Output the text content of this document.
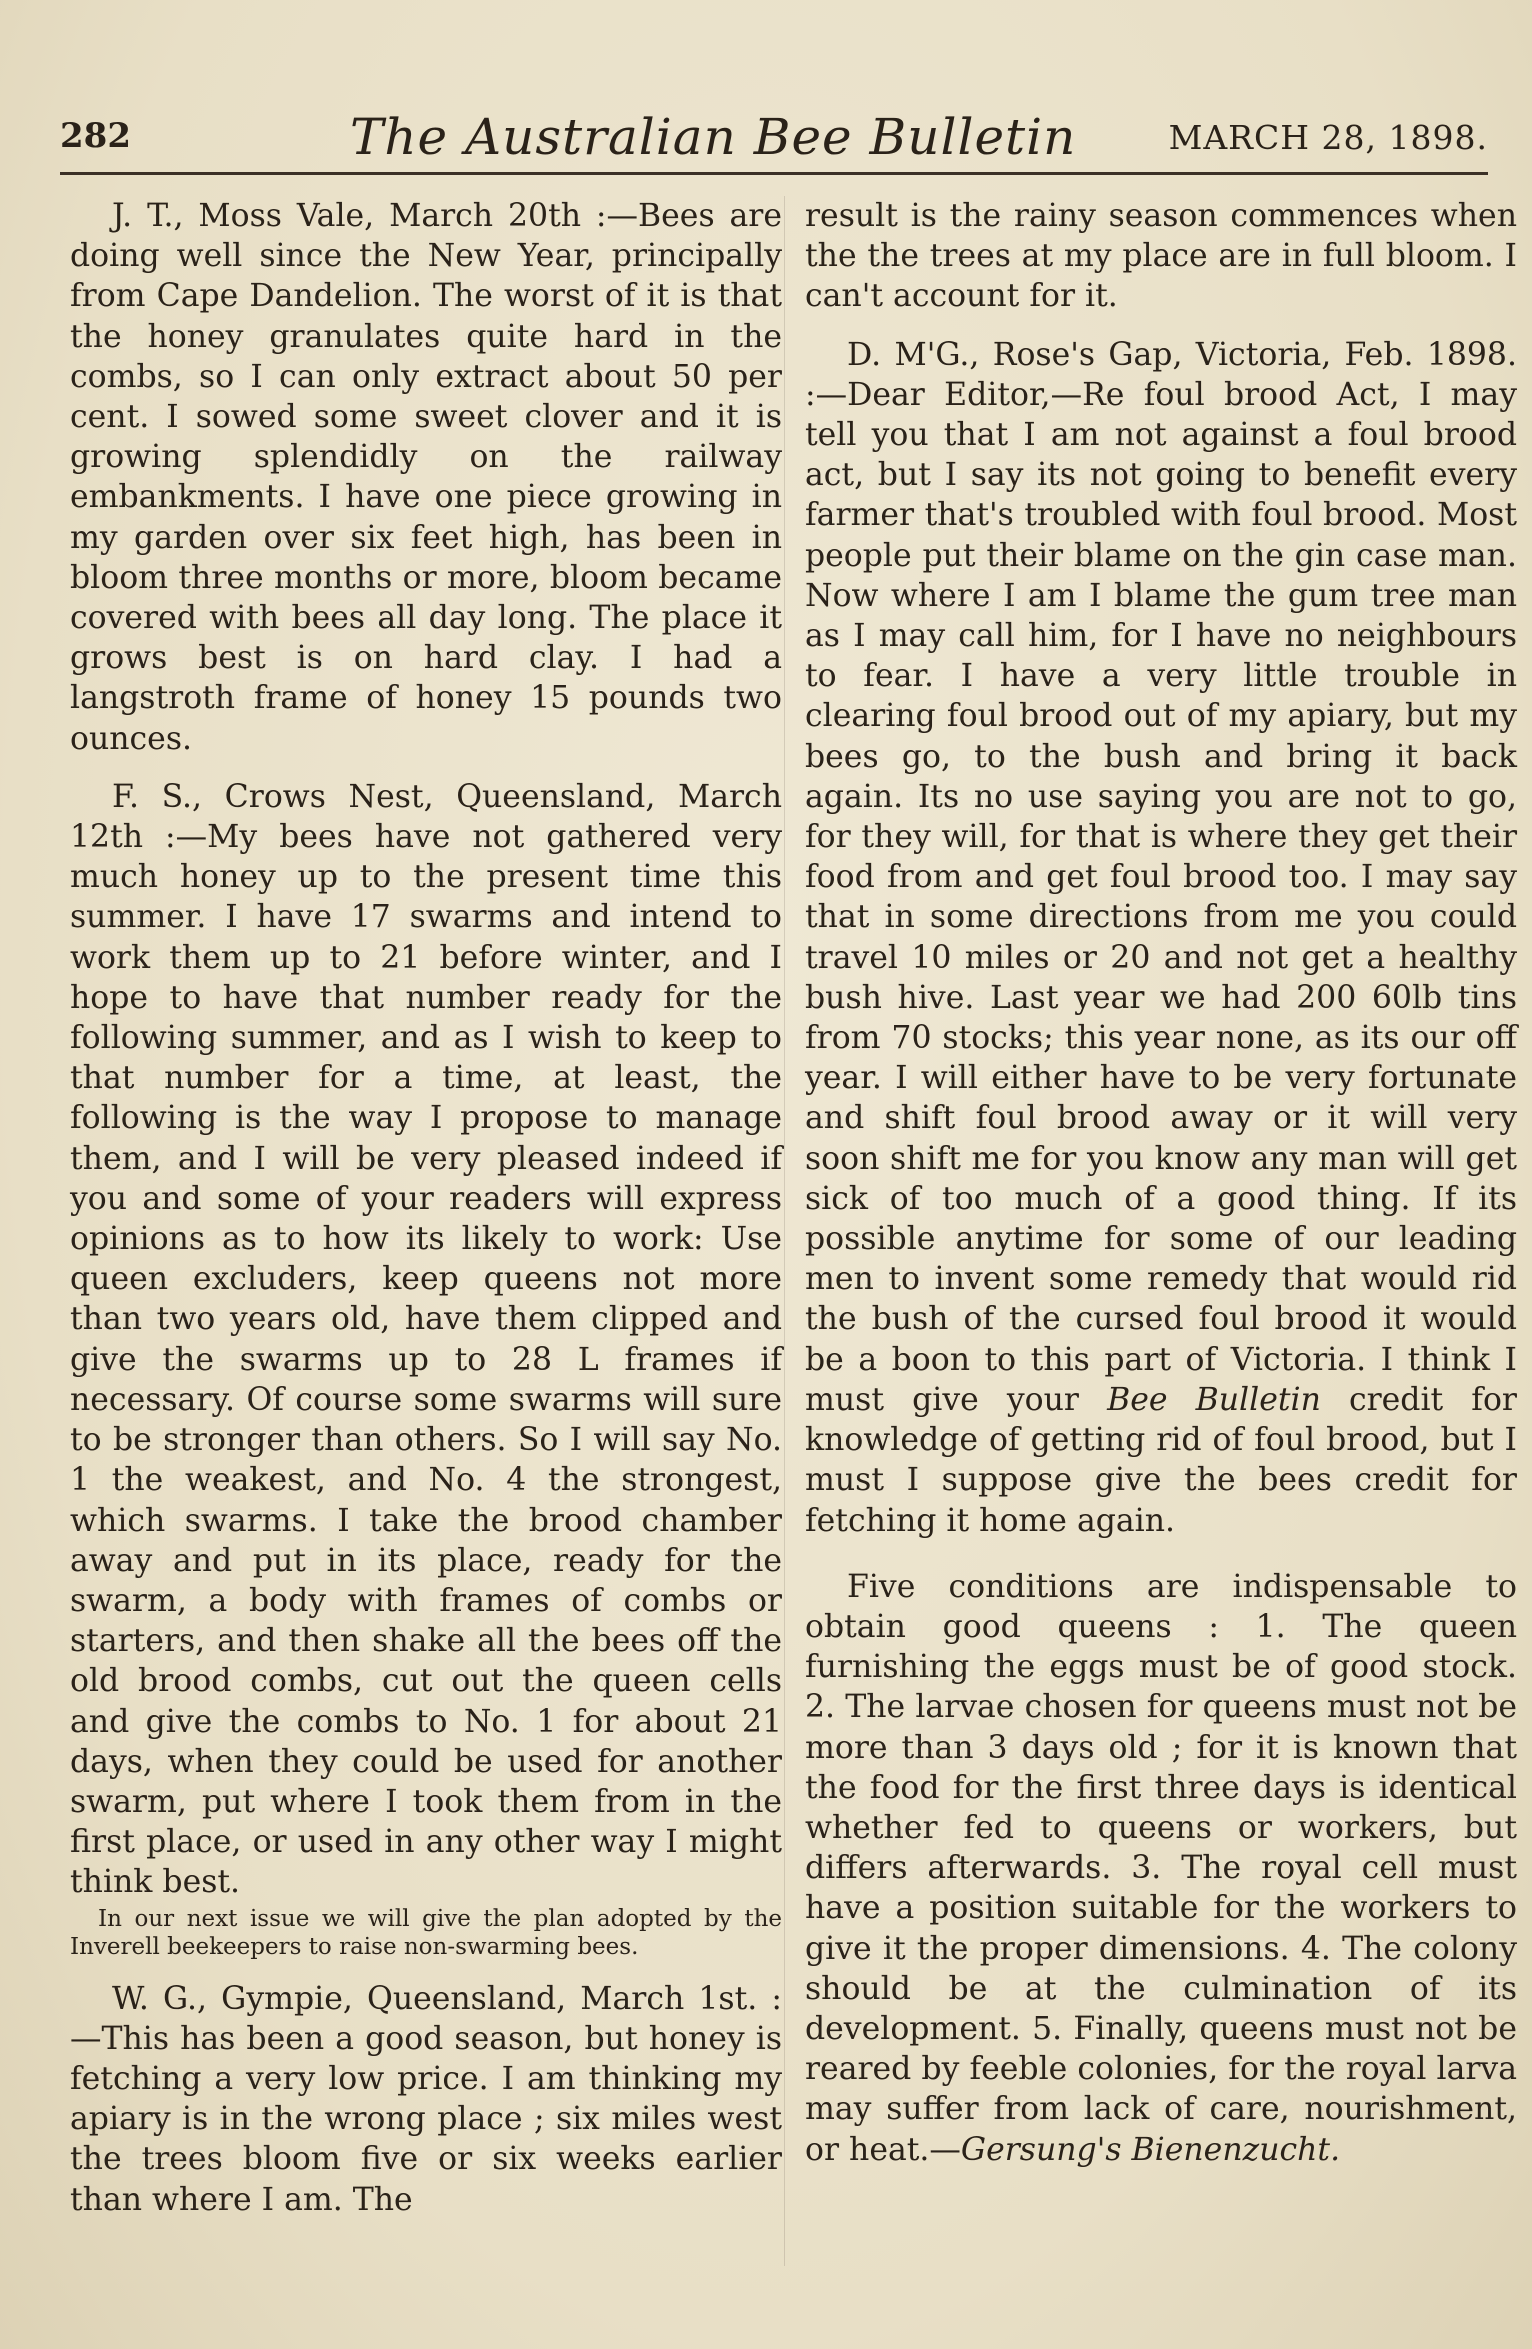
282	The Australian Bee Bulletin	MARCH 28, 1898.

J. T., Moss Vale, March 20th :—Bees are doing well since the New Year, principally from Cape Dandelion. The worst of it is that the honey granulates quite hard in the combs, so I can only extract about 50 per cent. I sowed some sweet clover and it is growing splendidly on the railway embankments. I have one piece growing in my garden over six feet high, has been in bloom three months or more, bloom became covered with bees all day long. The place it grows best is on hard clay. I had a langstroth frame of honey 15 pounds two ounces.

F. S., Crows Nest, Queensland, March 12th :—My bees have not gathered very much honey up to the present time this summer. I have 17 swarms and intend to work them up to 21 before winter, and I hope to have that number ready for the following summer, and as I wish to keep to that number for a time, at least, the following is the way I propose to manage them, and I will be very pleased indeed if you and some of your readers will express opinions as to how its likely to work: Use queen excluders, keep queens not more than two years old, have them clipped and give the swarms up to 28 L frames if necessary. Of course some swarms will sure to be stronger than others. So I will say No. 1 the weakest, and No. 4 the strongest, which swarms. I take the brood chamber away and put in its place, ready for the swarm, a body with frames of combs or starters, and then shake all the bees off the old brood combs, cut out the queen cells and give the combs to No. 1 for about 21 days, when they could be used for another swarm, put where I took them from in the first place, or used in any other way I might think best.

In our next issue we will give the plan adopted by the Inverell beekeepers to raise non-swarming bees.

W. G., Gympie, Queensland, March 1st. :—This has been a good season, but honey is fetching a very low price. I am thinking my apiary is in the wrong place ; six miles west the trees bloom five or six weeks earlier than where I am. The

result is the rainy season commences when the the trees at my place are in full bloom. I can't account for it.

D. M'G., Rose's Gap, Victoria, Feb. 1898. :—Dear Editor,—Re foul brood Act, I may tell you that I am not against a foul brood act, but I say its not going to benefit every farmer that's troubled with foul brood. Most people put their blame on the gin case man. Now where I am I blame the gum tree man as I may call him, for I have no neighbours to fear. I have a very little trouble in clearing foul brood out of my apiary, but my bees go, to the bush and bring it back again. Its no use saying you are not to go, for they will, for that is where they get their food from and get foul brood too. I may say that in some directions from me you could travel 10 miles or 20 and not get a healthy bush hive. Last year we had 200 60lb tins from 70 stocks; this year none, as its our off year. I will either have to be very fortunate and shift foul brood away or it will very soon shift me for you know any man will get sick of too much of a good thing. If its possible anytime for some of our leading men to invent some remedy that would rid the bush of the cursed foul brood it would be a boon to this part of Victoria. I think I must give your Bee Bulletin credit for knowledge of getting rid of foul brood, but I must I suppose give the bees credit for fetching it home again.

Five conditions are indispensable to obtain good queens : 1. The queen furnishing the eggs must be of good stock. 2. The larvae chosen for queens must not be more than 3 days old ; for it is known that the food for the first three days is identical whether fed to queens or workers, but differs afterwards. 3. The royal cell must have a position suitable for the workers to give it the proper dimensions. 4. The colony should be at the culmination of its development. 5. Finally, queens must not be reared by feeble colonies, for the royal larva may suffer from lack of care, nourishment, or heat.—Gersung's Bienenzucht.
